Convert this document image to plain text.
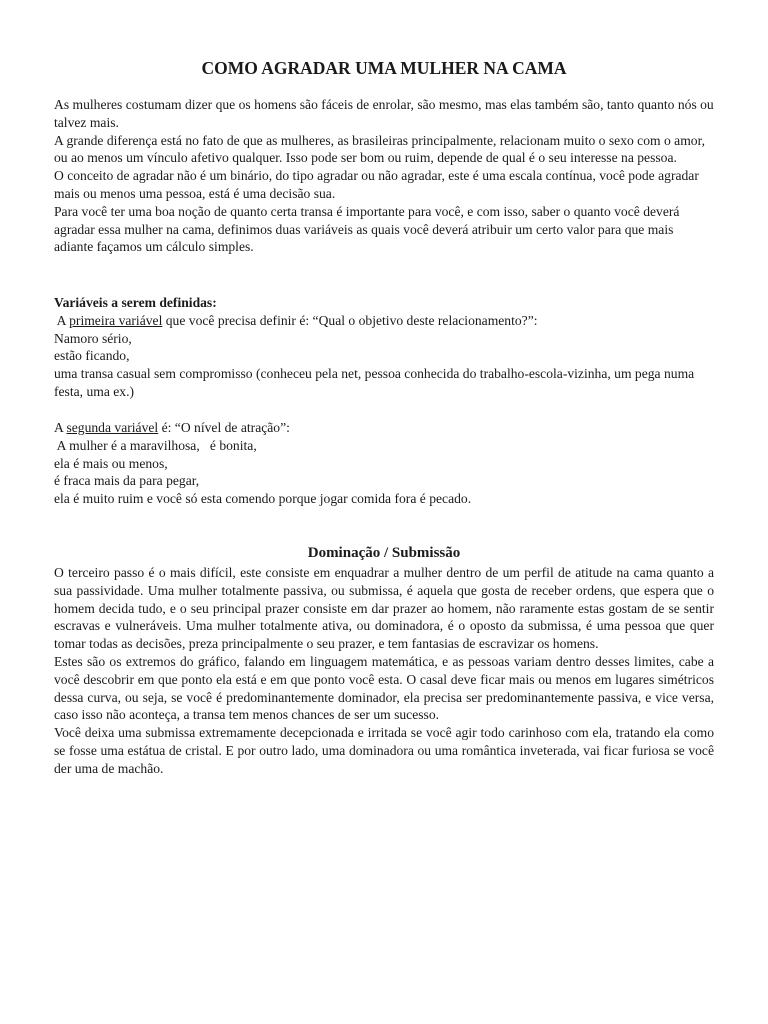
COMO AGRADAR UMA MULHER NA CAMA

As mulheres costumam dizer que os homens são fáceis de enrolar, são mesmo, mas elas também são, tanto quanto nós ou talvez mais.

A grande diferença está no fato de que as mulheres, as brasileiras principalmente, relacionam muito o sexo com o amor, ou ao menos um vínculo afetivo qualquer. Isso pode ser bom ou ruim, depende de qual é o seu interesse na pessoa.

O conceito de agradar não é um binário, do tipo agradar ou não agradar, este é uma escala contínua, você pode agradar mais ou menos uma pessoa, está é uma decisão sua.

Para você ter uma boa noção de quanto certa transa é importante para você, e com isso, saber o quanto você deverá agradar essa mulher na cama, definimos duas variáveis as quais você deverá atribuir um certo valor para que mais adiante façamos um cálculo simples.

Variáveis a serem definidas:

A primeira variável que você precisa definir é: “Qual o objetivo deste relacionamento?”:

Namoro sério,

estão ficando,

uma transa casual sem compromisso (conheceu pela net, pessoa conhecida do trabalho-escola-vizinha, um pega numa festa, uma ex.)

A segunda variável é: “O nível de atração”:

A mulher é a maravilhosa,   é bonita,

ela é mais ou menos,

é fraca mais da para pegar,

ela é muito ruim e você só esta comendo porque jogar comida fora é pecado.

Dominação / Submissão

O terceiro passo é o mais difícil, este consiste em enquadrar a mulher dentro de um perfil de atitude na cama quanto a sua passividade. Uma mulher totalmente passiva, ou submissa, é aquela que gosta de receber ordens, que espera que o homem decida tudo, e o seu principal prazer consiste em dar prazer ao homem, não raramente estas gostam de se sentir escravas e vulneráveis. Uma mulher totalmente ativa, ou dominadora, é o oposto da submissa, é uma pessoa que quer tomar todas as decisões, preza principalmente o seu prazer, e tem fantasias de escravizar os homens.

Estes são os extremos do gráfico, falando em linguagem matemática, e as pessoas variam dentro desses limites, cabe a você descobrir em que ponto ela está e em que ponto você esta. O casal deve ficar mais ou menos em lugares simétricos dessa curva, ou seja, se você é predominantemente dominador, ela precisa ser predominantemente passiva, e vice versa, caso isso não aconteça, a transa tem menos chances de ser um sucesso.

Você deixa uma submissa extremamente decepcionada e irritada se você agir todo carinhoso com ela, tratando ela como se fosse uma estátua de cristal. E por outro lado, uma dominadora ou uma romântica inveterada, vai ficar furiosa se você der uma de machão.
